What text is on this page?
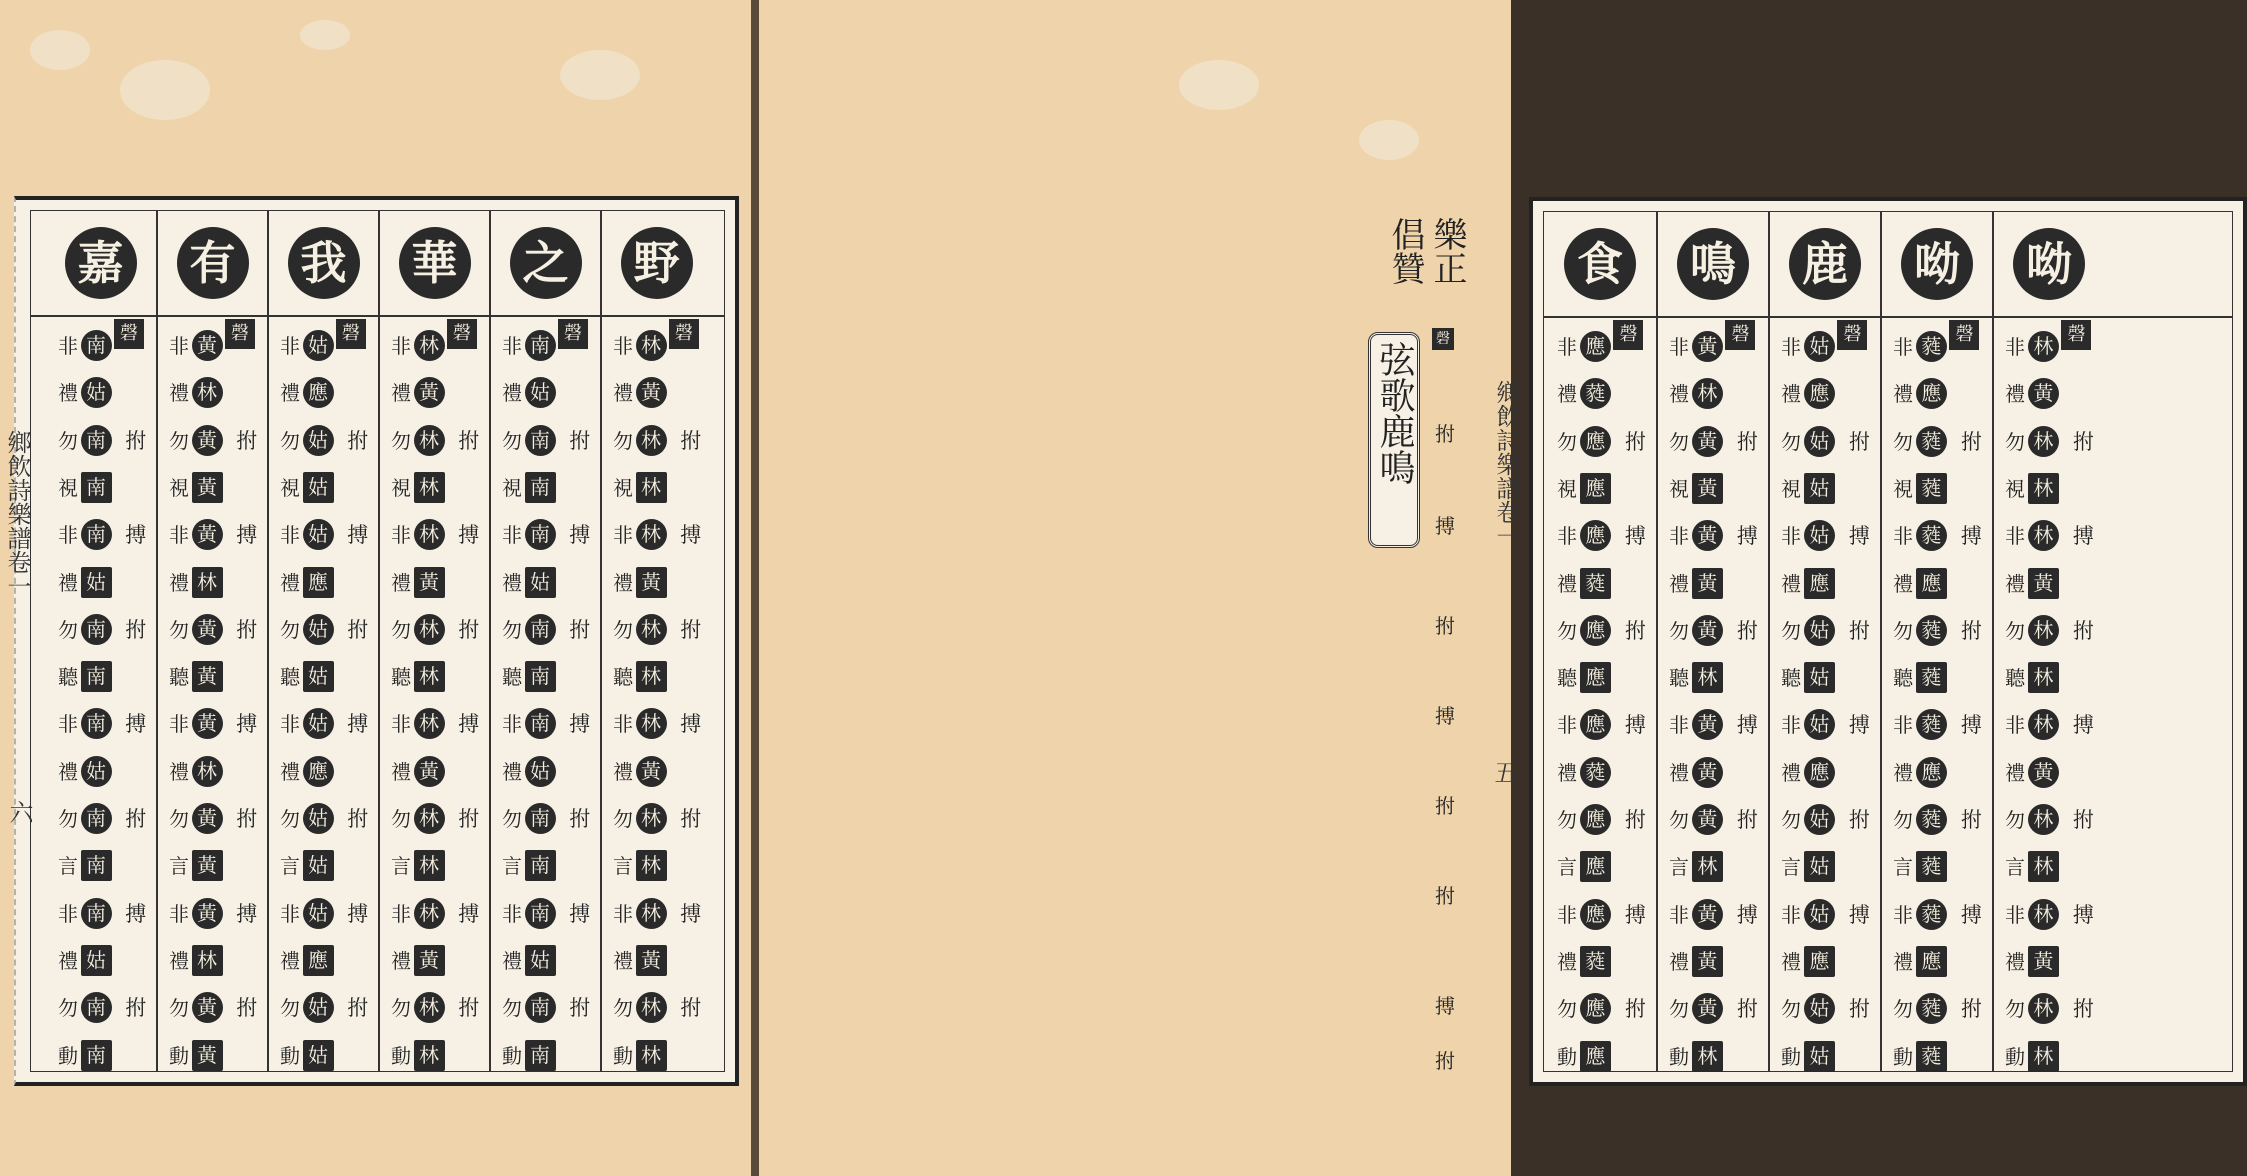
嘉 有 我 華 之 野
磬
非 南
禮 姑
勿 南 拊
視 南
非 南 搏
禮 姑
勿 南 拊
聽 南
非 南 搏
禮 姑
勿 南 拊
言 南
非 南 搏
禮 姑
勿 南 拊
動 南
磬
非 黃
禮 林
勿 黃 拊
視 黃
非 黃 搏
禮 林
勿 黃 拊
聽 黃
非 黃 搏
禮 林
勿 黃 拊
言 黃
非 黃 搏
禮 林
勿 黃 拊
動 黃
磬
非 姑
禮 應
勿 姑 拊
視 姑
非 姑 搏
禮 應
勿 姑 拊
聽 姑
非 姑 搏
禮 應
勿 姑 拊
言 姑
非 姑 搏
禮 應
勿 姑 拊
動 姑
磬
非 林
禮 黃
勿 林 拊
視 林
非 林 搏
禮 黃
勿 林 拊
聽 林
非 林 搏
禮 黃
勿 林 拊
言 林
非 林 搏
禮 黃
勿 林 拊
動 林
磬
非 南
禮 姑
勿 南 拊
視 南
非 南 搏
禮 姑
勿 南 拊
聽 南
非 南 搏
禮 姑
勿 南 拊
言 南
非 南 搏
禮 姑
勿 南 拊
動 南
磬
非 林
禮 黃
勿 林 拊
視 林
非 林 搏
禮 黃
勿 林 拊
聽 林
非 林 搏
禮 黃
勿 林 拊
言 林
非 林 搏
禮 黃
勿 林 拊
動 林
鄉飲詩樂譜卷一
六
食 鳴 鹿 呦 呦
磬
非 應
禮 蕤
勿 應 拊
視 應
非 應 搏
禮 蕤
勿 應 拊
聽 應
非 應 搏
禮 蕤
勿 應 拊
言 應
非 應 搏
禮 蕤
勿 應 拊
動 應
磬
非 黃
禮 林
勿 黃 拊
視 黃
非 黃 搏
禮 黃
勿 黃 拊
聽 林
非 黃 搏
禮 黃
勿 黃 拊
言 林
非 黃 搏
禮 黃
勿 黃 拊
動 林
磬
非 姑
禮 應
勿 姑 拊
視 姑
非 姑 搏
禮 應
勿 姑 拊
聽 姑
非 姑 搏
禮 應
勿 姑 拊
言 姑
非 姑 搏
禮 應
勿 姑 拊
動 姑
磬
非 蕤
禮 應
勿 蕤 拊
視 蕤
非 蕤 搏
禮 應
勿 蕤 拊
聽 蕤
非 蕤 搏
禮 應
勿 蕤 拊
言 蕤
非 蕤 搏
禮 應
勿 蕤 拊
動 蕤
磬
非 林
禮 黃
勿 林 拊
視 林
非 林 搏
禮 黃
勿 林 拊
聽 林
非 林 搏
禮 黃
勿 林 拊
言 林
非 林 搏
禮 黃
勿 林 拊
動 林
鄉飲詩樂譜卷一
五
樂正
倡贊
弦歌鹿鳴
磬
拊
搏
拊
搏
拊
拊
搏
拊
